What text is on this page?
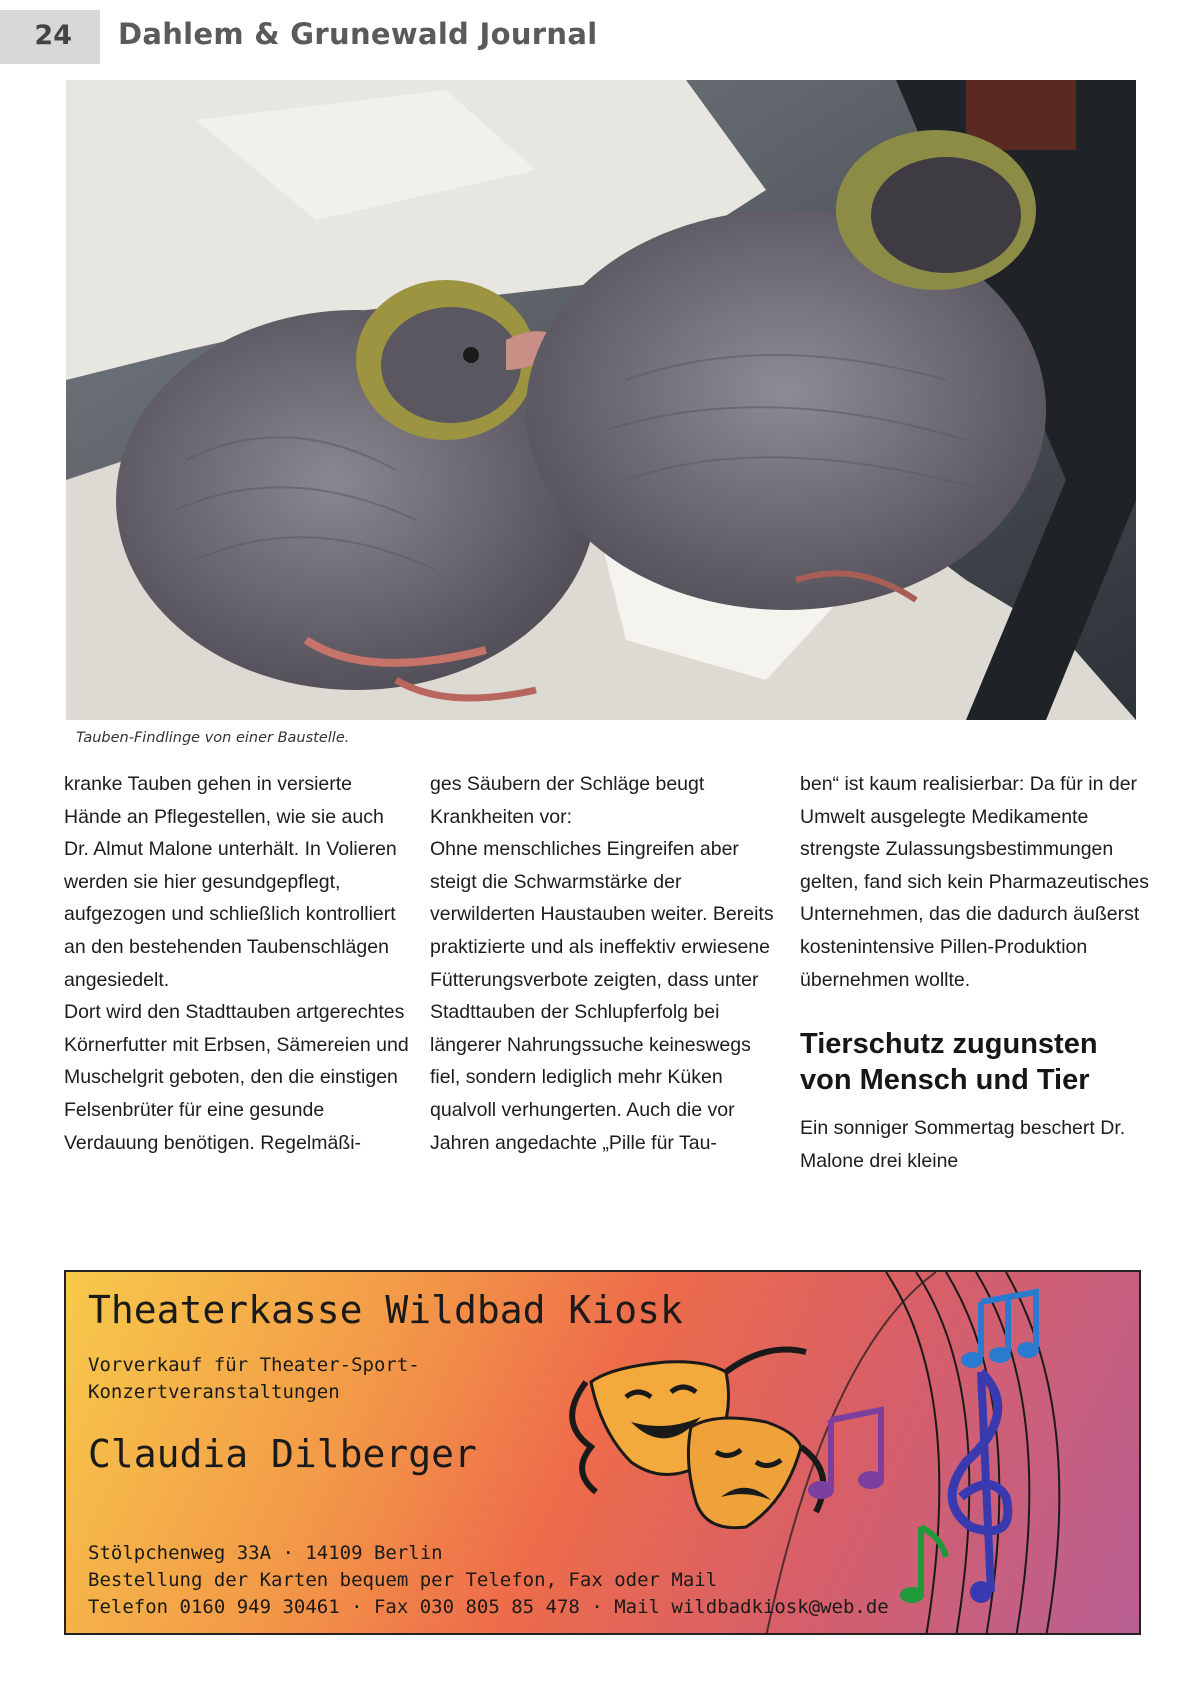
24 Dahlem & Grunewald Journal
Tauben-Findlinge von einer Baustelle.

kranke Tauben gehen in versierte Hände an Pflegestellen, wie sie auch Dr. Almut Malone unterhält. In Volieren werden sie hier gesundgepflegt, aufgezogen und schließlich kontrolliert an den bestehenden Taubenschlägen angesiedelt.
Dort wird den Stadttauben artgerechtes Körnerfutter mit Erbsen, Sämereien und Muschelgrit geboten, den die einstigen Felsenbrüter für eine gesunde Verdauung benötigen. Regelmäßi-

ges Säubern der Schläge beugt Krankheiten vor:
Ohne menschliches Eingreifen aber steigt die Schwarmstärke der verwilderten Haustauben weiter. Bereits praktizierte und als ineffektiv erwiesene Fütterungsverbote zeigten, dass unter Stadttauben der Schlupferfolg bei längerer Nahrungssuche keineswegs fiel, sondern lediglich mehr Küken qualvoll verhungerten. Auch die vor Jahren angedachte „Pille für Tau-

ben“ ist kaum realisierbar: Da für in der Umwelt ausgelegte Medikamente strengste Zulassungsbestimmungen gelten, fand sich kein Pharmazeutisches Unternehmen, das die dadurch äußerst kostenintensive Pillen-Produktion übernehmen wollte.

Tierschutz zugunsten von Mensch und Tier

Ein sonniger Sommertag beschert Dr. Malone drei kleine

Theaterkasse Wildbad Kiosk
Vorverkauf für Theater-Sport-Konzertveranstaltungen
Claudia Dilberger
Stölpchenweg 33A · 14109 Berlin
Bestellung der Karten bequem per Telefon, Fax oder Mail
Telefon 0160 949 30461 · Fax 030 805 85 478 · Mail wildbadkiosk@web.de
